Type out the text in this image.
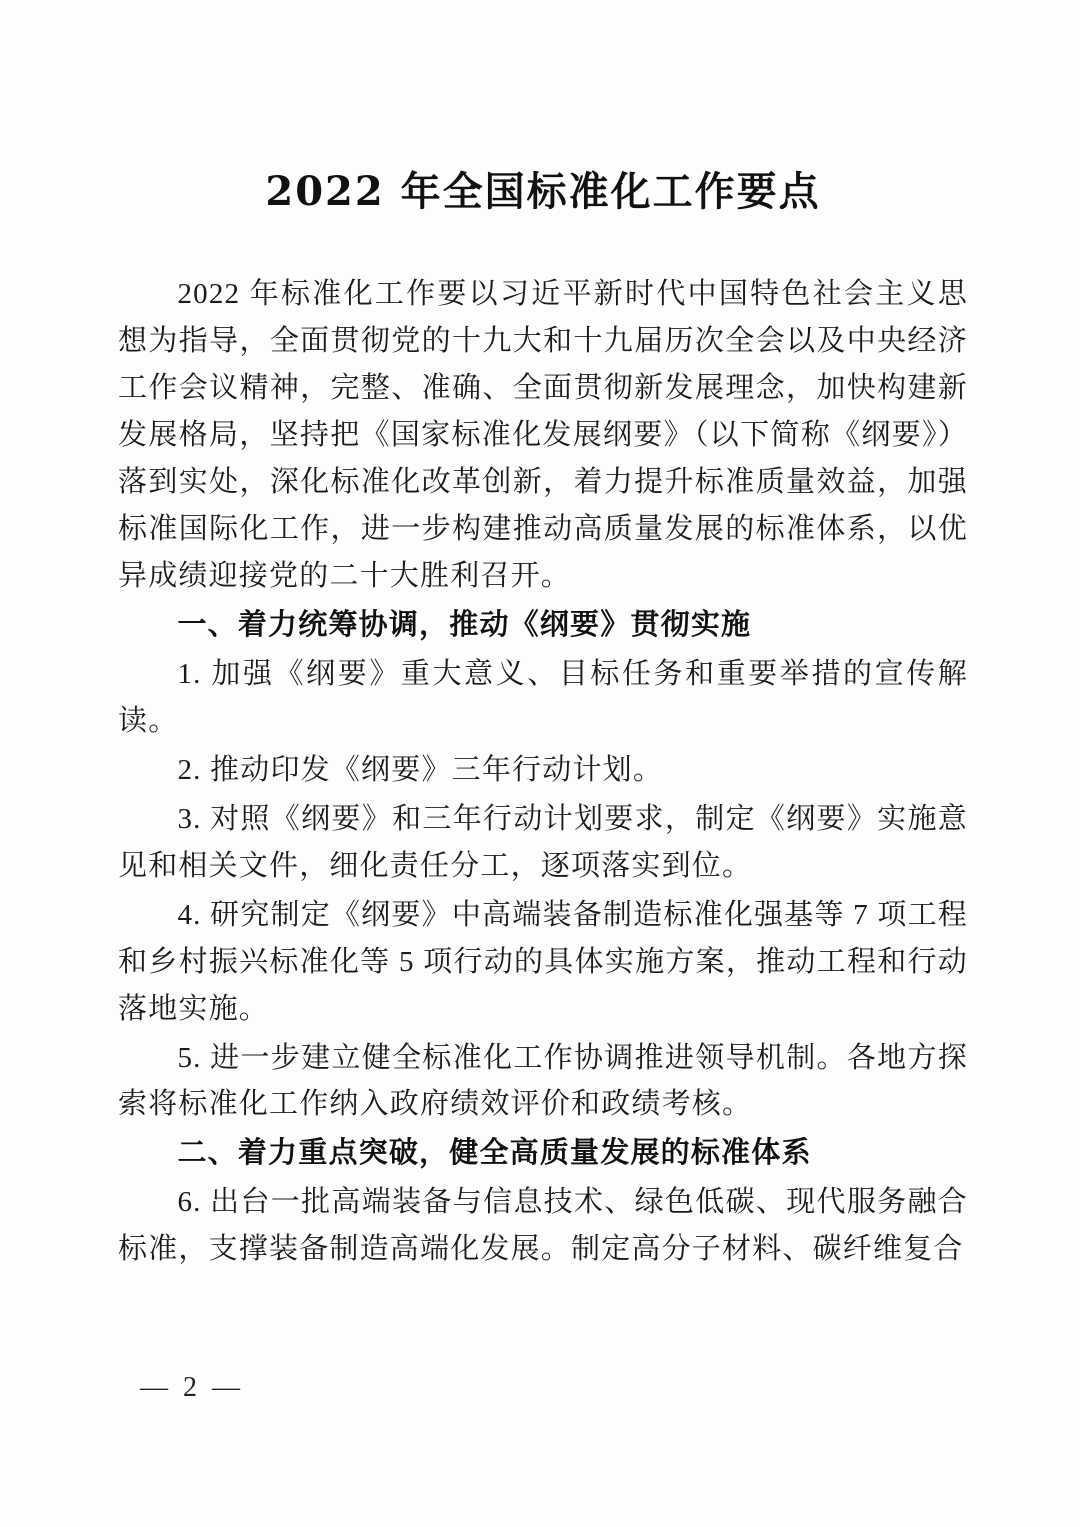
2022 年全国标准化工作要点

2022 年标准化工作要以习近平新时代中国特色社会主义思想为指导，全面贯彻党的十九大和十九届历次全会以及中央经济工作会议精神，完整、准确、全面贯彻新发展理念，加快构建新发展格局，坚持把《国家标准化发展纲要》（以下简称《纲要》）落到实处，深化标准化改革创新，着力提升标准质量效益，加强标准国际化工作，进一步构建推动高质量发展的标准体系，以优异成绩迎接党的二十大胜利召开。

一、着力统筹协调，推动《纲要》贯彻实施

1. 加强《纲要》重大意义、目标任务和重要举措的宣传解读。

2. 推动印发《纲要》三年行动计划。

3. 对照《纲要》和三年行动计划要求，制定《纲要》实施意见和相关文件，细化责任分工，逐项落实到位。

4. 研究制定《纲要》中高端装备制造标准化强基等 7 项工程和乡村振兴标准化等 5 项行动的具体实施方案，推动工程和行动落地实施。

5. 进一步建立健全标准化工作协调推进领导机制。各地方探索将标准化工作纳入政府绩效评价和政绩考核。

二、着力重点突破，健全高质量发展的标准体系

6. 出台一批高端装备与信息技术、绿色低碳、现代服务融合标准，支撑装备制造高端化发展。制定高分子材料、碳纤维复合

— 2 —
